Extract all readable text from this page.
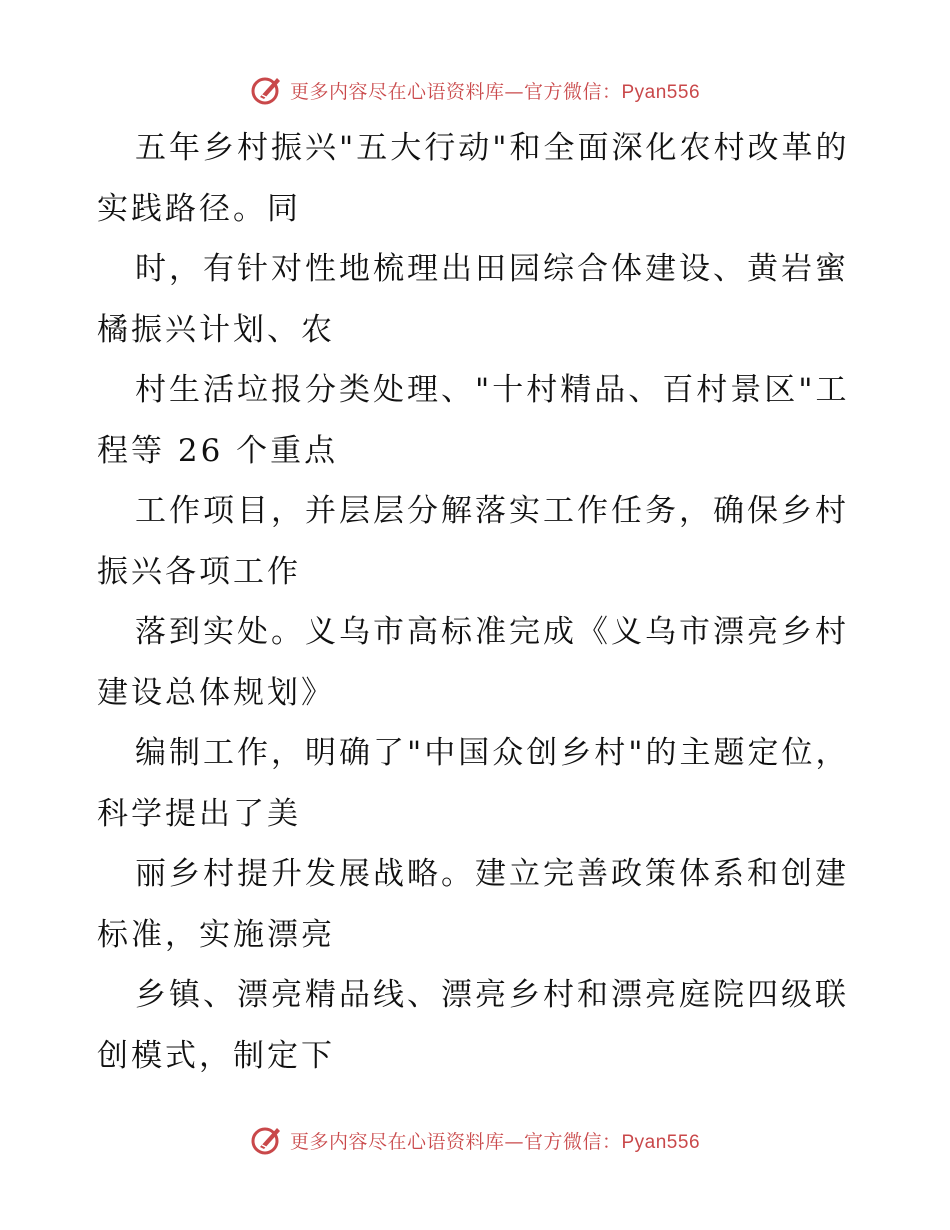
更多内容尽在心语资料库—官方微信：Pyan556
五年乡村振兴"五大行动"和全面深化农村改革的
实践路径。同
时，有针对性地梳理出田园综合体建设、黄岩蜜
橘振兴计划、农
村生活垃报分类处理、"十村精品、百村景区"工
程等 26 个重点
工作项目，并层层分解落实工作任务，确保乡村
振兴各项工作
落到实处。义乌市高标准完成《义乌市漂亮乡村
建设总体规划》
编制工作，明确了"中国众创乡村"的主题定位，
科学提出了美
丽乡村提升发展战略。建立完善政策体系和创建
标准，实施漂亮
乡镇、漂亮精品线、漂亮乡村和漂亮庭院四级联
创模式，制定下
更多内容尽在心语资料库—官方微信：Pyan556
